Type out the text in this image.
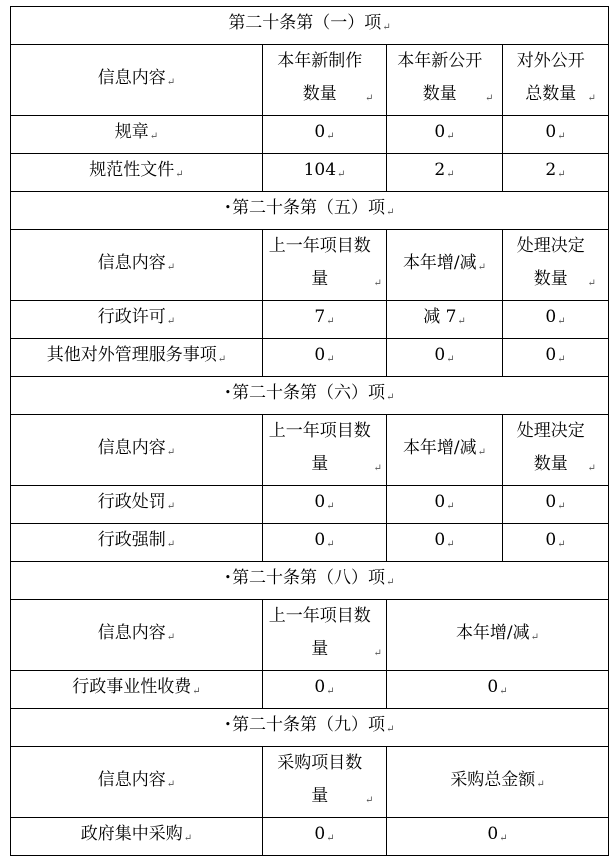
第二十条第（一）项↵			
信息内容↵	本年新制作数量 ↵	本年新公开数量 ↵	对外公开总数量 ↵
规章↵	0↵	0↵	0↵
规范性文件↵	104↵	2↵	2↵
•第二十条第（五）项↵			
信息内容↵	上一年项目数量 ↵	本年增/减↵	处理决定数量 ↵
行政许可↵	7↵	减 7↵	0↵
其他对外管理服务事项↵	0↵	0↵	0↵
•第二十条第（六）项↵			
信息内容↵	上一年项目数量 ↵	本年增/减↵	处理决定数量 ↵
行政处罚↵	0↵	0↵	0↵
行政强制↵	0↵	0↵	0↵
•第二十条第（八）项↵			
信息内容↵	上一年项目数量 ↵	本年增/减↵	
行政事业性收费↵	0↵	0↵	
•第二十条第（九）项↵			
信息内容↵	采购项目数量 ↵	采购总金额↵	
政府集中采购↵	0↵	0↵	
